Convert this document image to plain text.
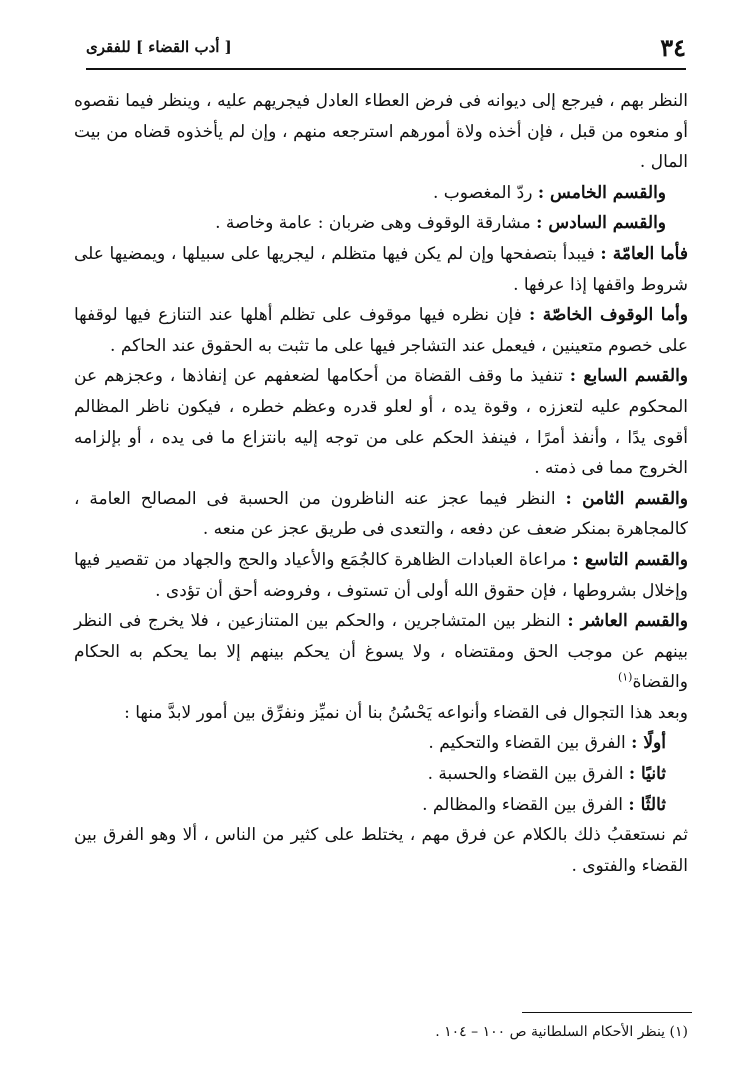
٣٤
[ أدب القضاء ] للفقرى

النظر بهم ، فيرجع إلى ديوانه فى فرض العطاء العادل فيجريهم عليه ، وينظر فيما نقصوه أو منعوه من قبل ، فإن أخذه ولاة أمورهم استرجعه منهم ، وإن لم يأخذوه قضاه من بيت المال .

والقسم الخامس : ردّ المغصوب .

والقسم السادس : مشارقة الوقوف وهى ضربان : عامة وخاصة .

فأما العامّة : فيبدأ بتصفحها وإن لم يكن فيها متظلم ، ليجريها على سبيلها ، ويمضيها على شروط واقفها إذا عرفها .

وأما الوقوف الخاصّة : فإن نظره فيها موقوف على تظلم أهلها عند التنازع فيها لوقفها على خصوم متعينين ، فيعمل عند التشاجر فيها على ما تثبت به الحقوق عند الحاكم .

والقسم السابع : تنفيذ ما وقف القضاة من أحكامها لضعفهم عن إنفاذها ، وعجزهم عن المحكوم عليه لتعززه ، وقوة يده ، أو لعلو قدره وعظم خطره ، فيكون ناظر المظالم أقوى يدًا ، وأنفذ أمرًا ، فينفذ الحكم على من توجه إليه بانتزاع ما فى يده ، أو بإلزامه الخروج مما فى ذمته .

والقسم الثامن : النظر فيما عجز عنه الناظرون من الحسبة فى المصالح العامة ، كالمجاهرة بمنكر ضعف عن دفعه ، والتعدى فى طريق عجز عن منعه .

والقسم التاسع : مراعاة العبادات الظاهرة كالجُمَع والأعياد والحج والجهاد من تقصير فيها وإخلال بشروطها ، فإن حقوق الله أولى أن تستوف ، وفروضه أحق أن تؤدى .

والقسم العاشر : النظر بين المتشاجرين ، والحكم بين المتنازعين ، فلا يخرج فى النظر بينهم عن موجب الحق ومقتضاه ، ولا يسوغ أن يحكم بينهم إلا بما يحكم به الحكام والقضاة$^{(١)}$

وبعد هذا التجوال فى القضاء وأنواعه يَحْسُنُ بنا أن نميِّز ونفرِّق بين أمور لابدَّ منها :

أولًا : الفرق بين القضاء والتحكيم .

ثانيًا : الفرق بين القضاء والحسبة .

ثالثًا : الفرق بين القضاء والمظالم .

ثم نستعقبُ ذلك بالكلام عن فرق مهم ، يختلط على كثير من الناس ، ألا وهو الفرق بين القضاء والفتوى .

(١) ينظر الأحكام السلطانية ص ١٠٠ – ١٠٤ .
